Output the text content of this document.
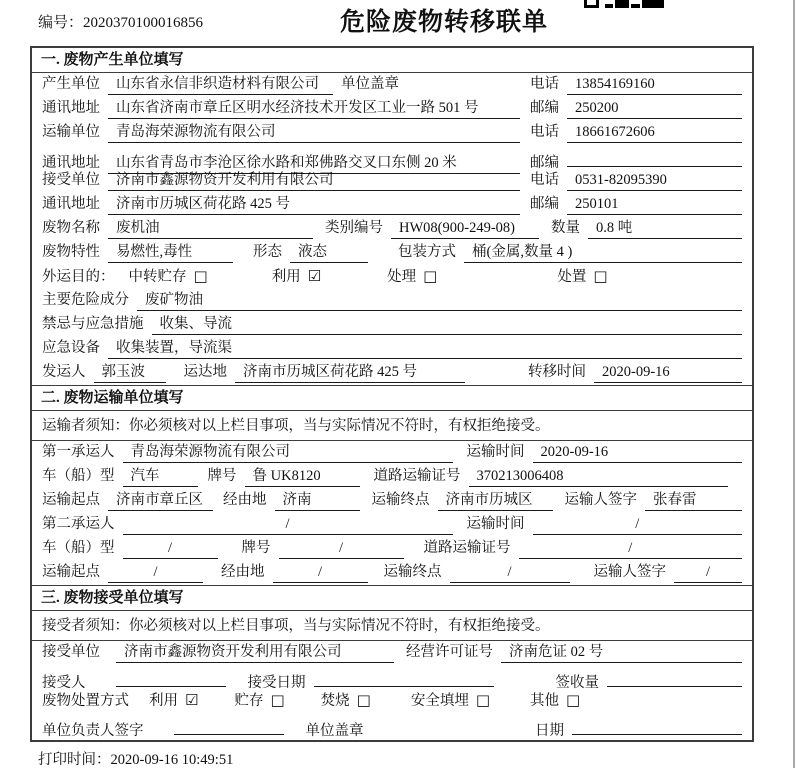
编号：2020370100016856	危险废物转移联单
一. 废物产生单位填写
产生单位	山东省永信非织造材料有限公司	单位盖章	电话	13854169160
通讯地址	山东省济南市章丘区明水经济技术开发区工业一路 501 号	邮编	250200
运输单位	青岛海荣源物流有限公司	电话	18661672606
通讯地址	山东省青岛市李沧区徐水路和郑佛路交叉口东侧 20 米	邮编
接受单位	济南市鑫源物资开发利用有限公司	电话	0531-82095390
通讯地址	济南市历城区荷花路 425 号	邮编	250101
废物名称	废机油	类别编号	HW08(900-249-08)	数量	0.8 吨
废物特性	易燃性,毒性	形态	液态	包装方式	桶(金属,数量 4 )
外运目的： 中转贮存 □	利用 ☑	处理 □	处置 □
主要危险成分	废矿物油
禁忌与应急措施	收集、导流
应急设备	收集装置，导流渠
发运人	郭玉波	运达地	济南市历城区荷花路 425 号	转移时间	2020-09-16
二. 废物运输单位填写
运输者须知：你必须核对以上栏目事项，当与实际情况不符时，有权拒绝接受。
第一承运人	青岛海荣源物流有限公司	运输时间	2020-09-16
车（船）型	汽车	牌号	鲁 UK8120	道路运输证号	370213006408
运输起点	济南市章丘区	经由地	济南	运输终点	济南市历城区	运输人签字	张春雷
第二承运人	/	运输时间	/
车（船）型	/	牌号	/	道路运输证号	/
运输起点	/	经由地	/	运输终点	/	运输人签字	/
三. 废物接受单位填写
接受者须知：你必须核对以上栏目事项，当与实际情况不符时，有权拒绝接受。
接受单位	济南市鑫源物资开发利用有限公司	经营许可证号	济南危证 02 号
接受人	接受日期	签收量
废物处置方式 利用 ☑ 贮存 □ 焚烧 □	安全填埋 □	其他 □
单位负责人签字	单位盖章	日期
打印时间：2020-09-16 10:49:51
